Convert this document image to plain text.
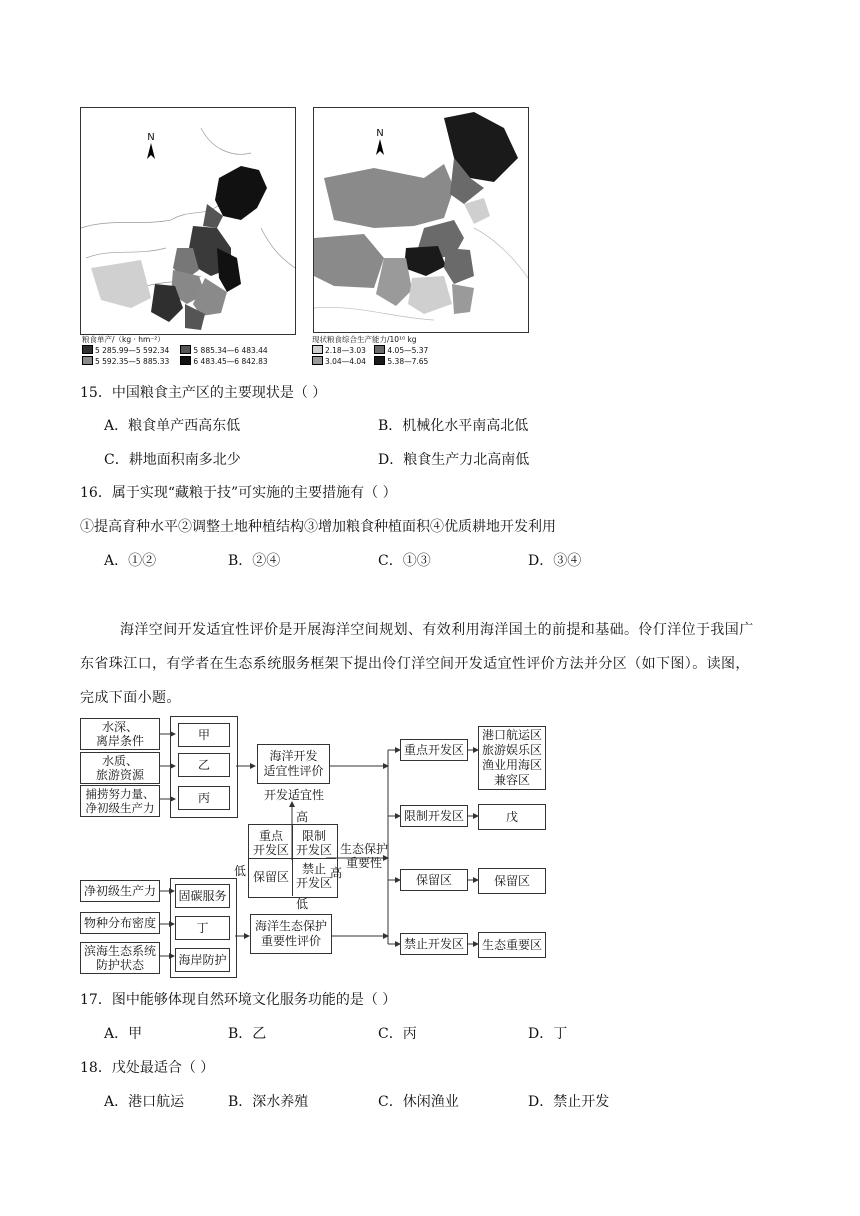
N
粮食单产/（kg · hm⁻²）
5 285.99—5 592.34	5 885.34—6 483.44
5 592.35—5 885.33	6 483.45—6 842.83
N
现状粮食综合生产能力/10¹⁰ kg
2.18—3.03	4.05—5.37
3.04—4.04	5.38—7.65
15．中国粮食主产区的主要现状是（ ）
A．粮食单产西高东低	B．机械化水平南高北低
C．耕地面积南多北少	D．粮食生产力北高南低
16．属于实现“藏粮于技”可实施的主要措施有（ ）
①提高育种水平②调整土地种植结构③增加粮食种植面积④优质耕地开发利用
A．①②	B．②④	C．①③	D．③④
海洋空间开发适宜性评价是开展海洋空间规划、有效利用海洋国土的前提和基础。伶仃洋位于我国广
东省珠江口，有学者在生态系统服务框架下提出伶仃洋空间开发适宜性评价方法并分区（如下图）。读图，
完成下面小题。
水深、
离岸条件
水质、
旅游资源
捕捞努力量、
净初级生产力
甲
乙
丙
海洋开发
适宜性评价
开发适宜性
高
重点
开发区
限制
开发区
保留区
禁止
开发区
低	高
低
生态保护
重要性
净初级生产力
物种分布密度
滨海生态系统
防护状态
固碳服务
丁
海岸防护
海洋生态保护
重要性评价
重点开发区
限制开发区
保留区
禁止开发区
港口航运区
旅游娱乐区
渔业用海区
兼容区
戊
保留区
生态重要区
17．图中能够体现自然环境文化服务功能的是（ ）
A．甲	B．乙	C．丙	D．丁
18．戊处最适合（ ）
A．港口航运	B．深水养殖	C．休闲渔业	D．禁止开发
